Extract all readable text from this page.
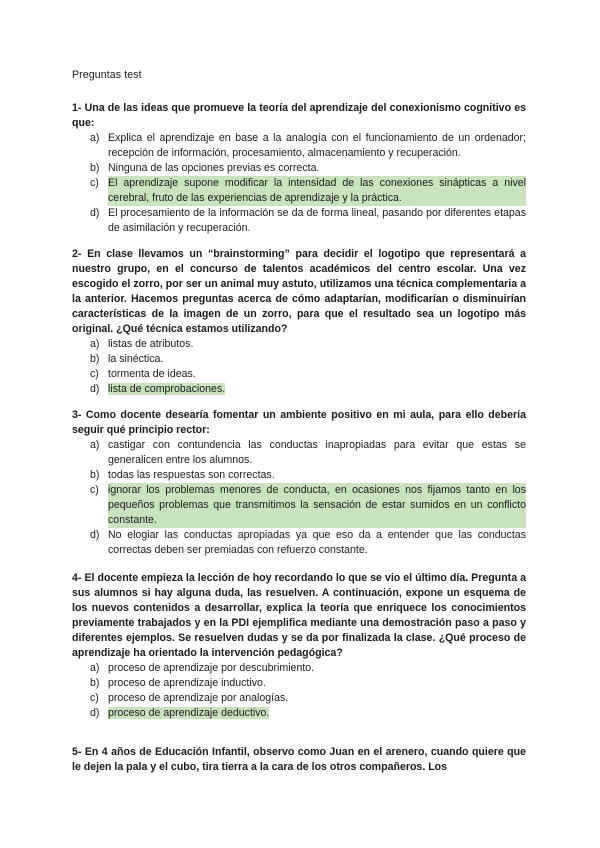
Preguntas test

1- Una de las ideas que promueve la teoría del aprendizaje del conexionismo cognitivo es que:

a) Explica el aprendizaje en base a la analogía con el funcionamiento de un ordenador; recepción de información, procesamiento, almacenamiento y recuperación.
b) Ninguna de las opciones previas es correcta.
c) El aprendizaje supone modificar la intensidad de las conexiones sinápticas a nivel cerebral, fruto de las experiencias de aprendizaje y la práctica.
d) El procesamiento de la información se da de forma lineal, pasando por diferentes etapas de asimilación y recuperación.

2- En clase llevamos un “brainstorming” para decidir el logotipo que representará a nuestro grupo, en el concurso de talentos académicos del centro escolar. Una vez escogido el zorro, por ser un animal muy astuto, utilizamos una técnica complementaria a la anterior. Hacemos preguntas acerca de cómo adaptarían, modificarían o disminuirían características de la imagen de un zorro, para que el resultado sea un logotipo más original. ¿Qué técnica estamos utilizando?

a) listas de atributos.
b) la sinéctica.
c) tormenta de ideas.
d) lista de comprobaciones.

3- Como docente desearía fomentar un ambiente positivo en mi aula, para ello debería seguir qué principio rector:

a) castigar con contundencia las conductas inapropiadas para evitar que estas se generalicen entre los alumnos.
b) todas las respuestas son correctas.
c) ignorar los problemas menores de conducta, en ocasiones nos fijamos tanto en los pequeños problemas que transmitimos la sensación de estar sumidos en un conflicto constante.
d) No elogiar las conductas apropiadas ya que eso da a entender que las conductas correctas deben ser premiadas con refuerzo constante.

4- El docente empieza la lección de hoy recordando lo que se vio el último día. Pregunta a sus alumnos si hay alguna duda, las resuelven. A continuación, expone un esquema de los nuevos contenidos a desarrollar, explica la teoría que enriquece los conocimientos previamente trabajados y en la PDI ejemplifica mediante una demostración paso a paso y diferentes ejemplos. Se resuelven dudas y se da por finalizada la clase. ¿Qué proceso de aprendizaje ha orientado la intervención pedagógica?

a) proceso de aprendizaje por descubrimiento.
b) proceso de aprendizaje inductivo.
c) proceso de aprendizaje por analogías.
d) proceso de aprendizaje deductivo.

5- En 4 años de Educación Infantil, observo como Juan en el arenero, cuando quiere que le dejen la pala y el cubo, tira tierra a la cara de los otros compañeros. Los
